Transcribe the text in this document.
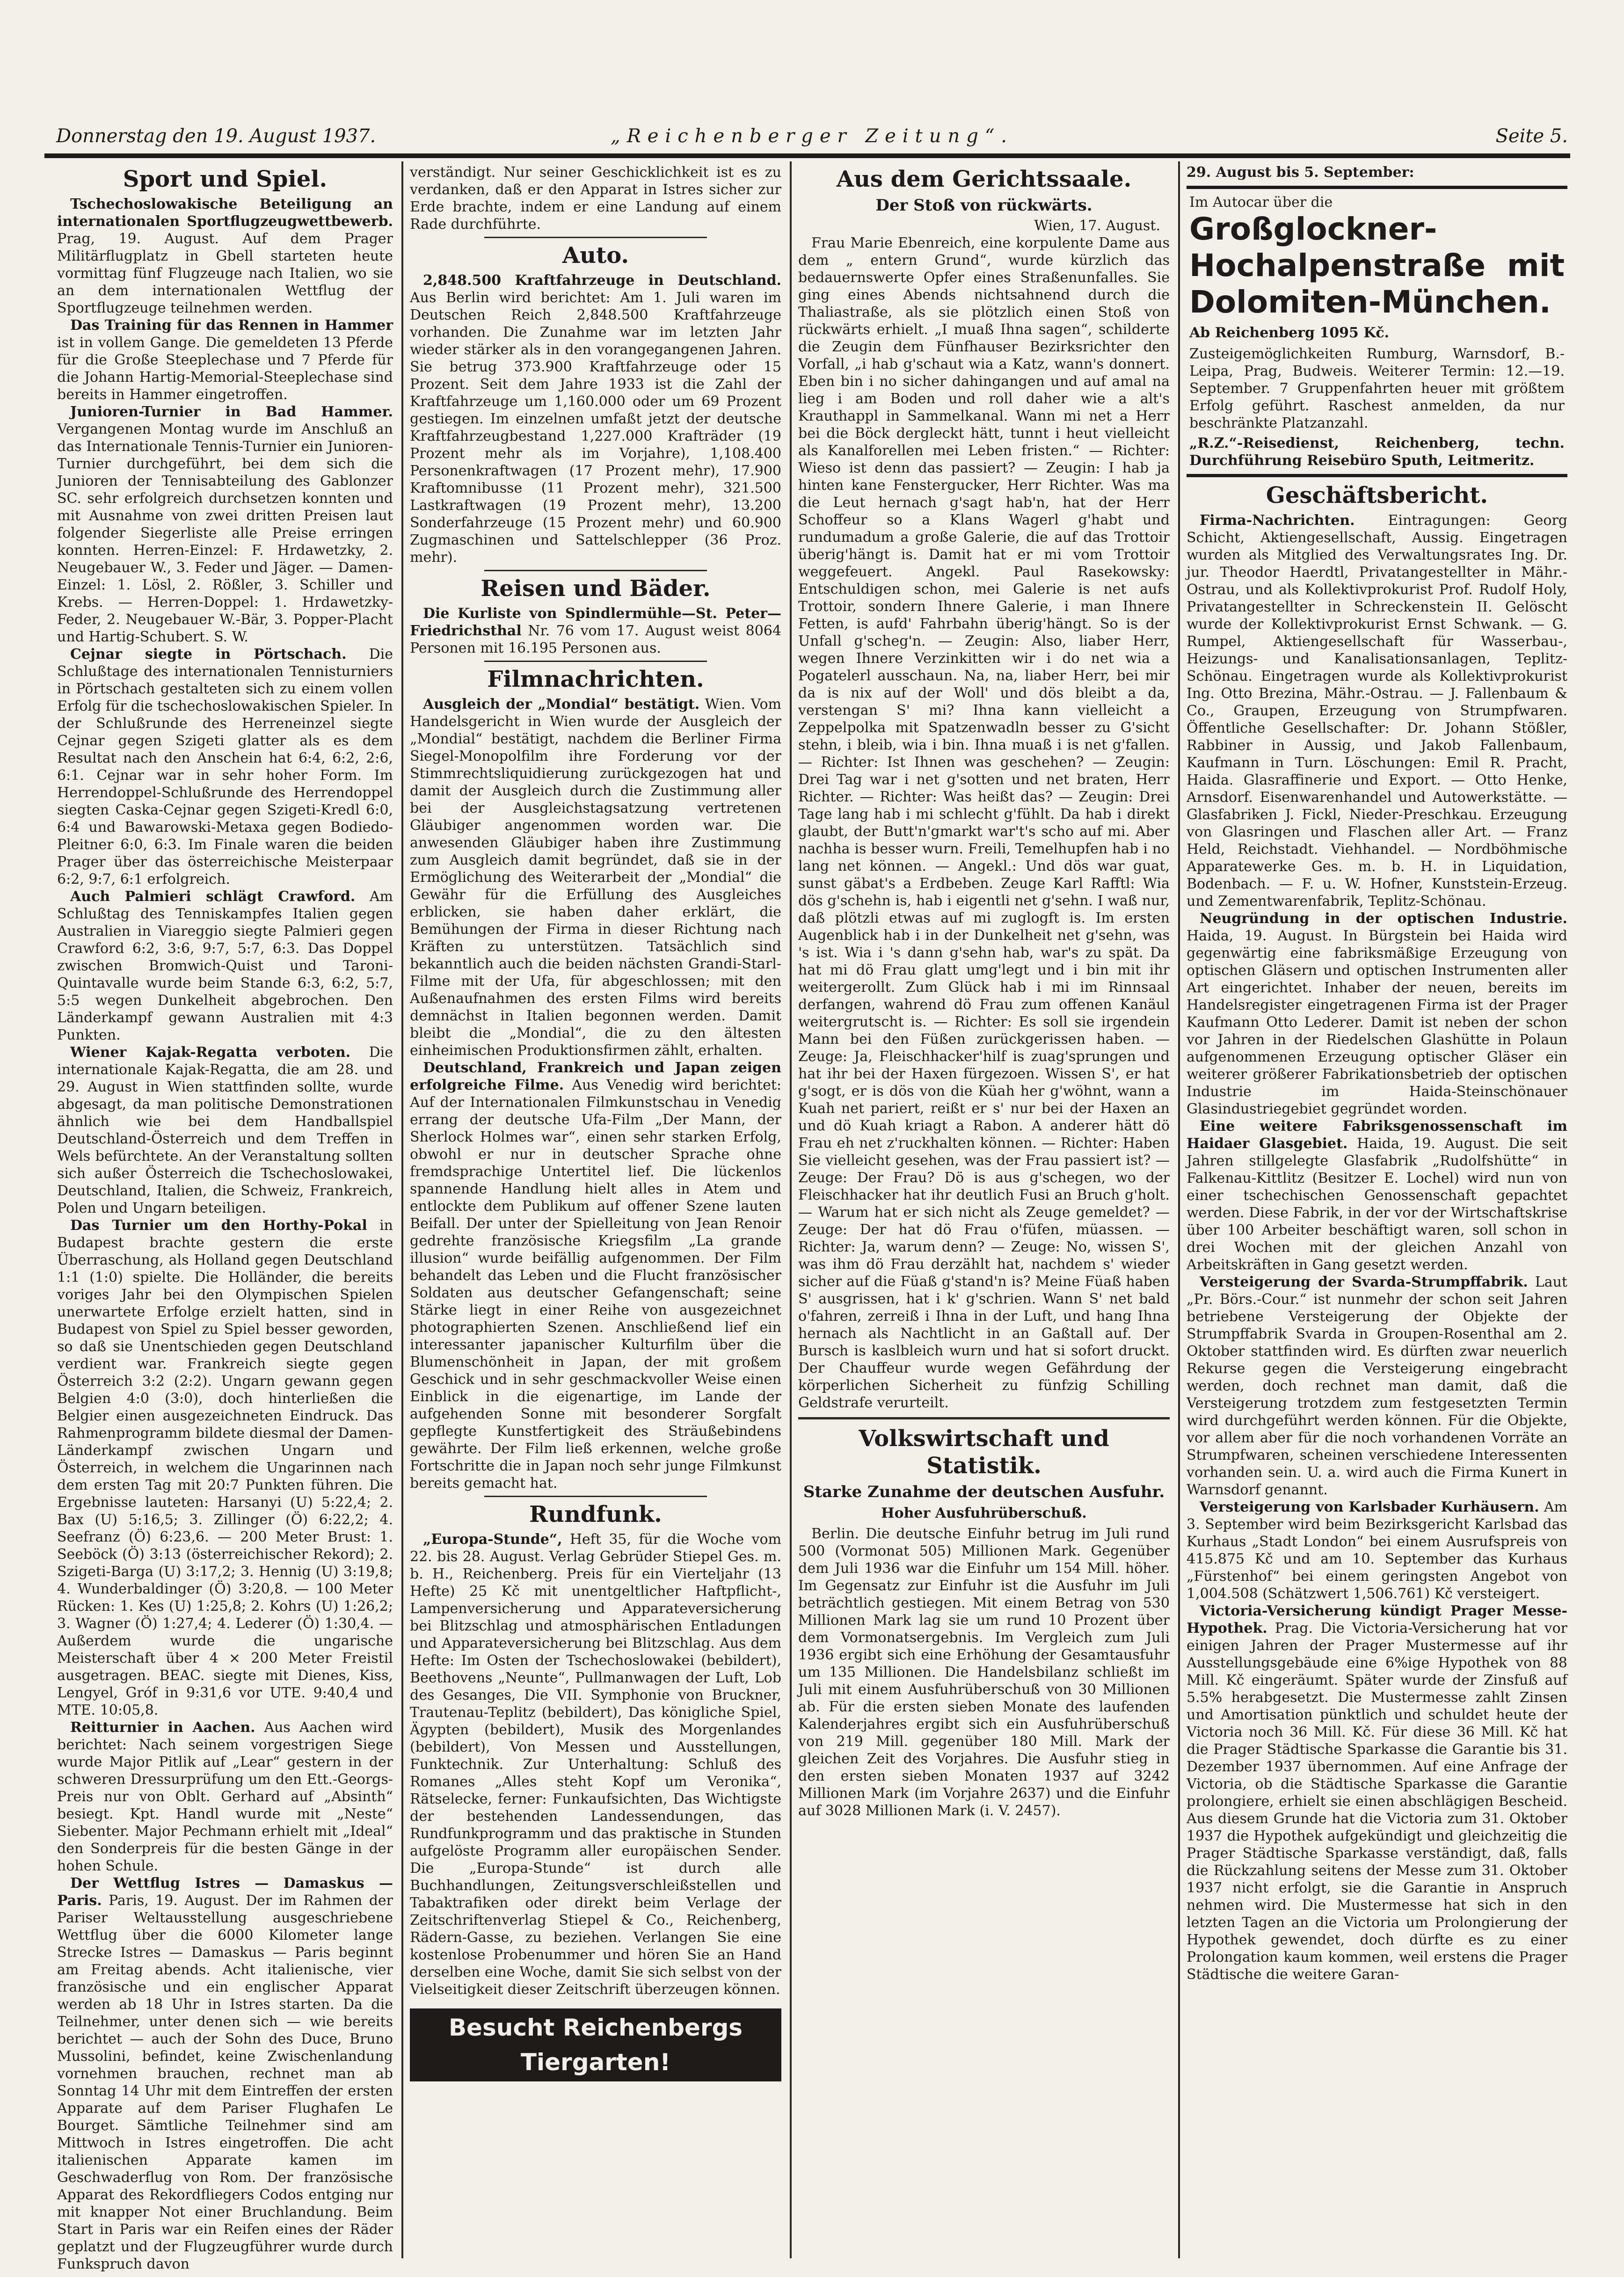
Donnerstag den 19. August 1937.	„Reichenberger Zeitung“.	Seite 5.
Sport und Spiel.

Tschechoslowakische Beteiligung an internationalen Sportflugzeugwettbewerb. Prag, 19. August. Auf dem Prager Militärflugplatz in Gbell starteten heute vormittag fünf Flugzeuge nach Italien, wo sie an dem internationalen Wettflug der Sportflugzeuge teilnehmen werden.

Das Training für das Rennen in Hammer ist in vollem Gange. Die gemeldeten 13 Pferde für die Große Steeplechase und 7 Pferde für die Johann Hartig-Memorial-Steeplechase sind bereits in Hammer eingetroffen.

Junioren-Turnier in Bad Hammer. Vergangenen Montag wurde im Anschluß an das Internationale Tennis-Turnier ein Junioren-Turnier durchgeführt, bei dem sich die Junioren der Tennisabteilung des Gablonzer SC. sehr erfolgreich durchsetzen konnten und mit Ausnahme von zwei dritten Preisen laut folgender Siegerliste alle Preise erringen konnten. Herren-Einzel: F. Hrdawetzky, 2. Neugebauer W., 3. Feder und Jäger. — Damen-Einzel: 1. Lösl, 2. Rößler, 3. Schiller und Krebs. — Herren-Doppel: 1. Hrdawetzky-Feder, 2. Neugebauer W.-Bär, 3. Popper-Placht und Hartig-Schubert. S. W.

Cejnar siegte in Pörtschach. Die Schlußtage des internationalen Tennisturniers in Pörtschach gestalteten sich zu einem vollen Erfolg für die tschechoslowakischen Spieler. In der Schlußrunde des Herreneinzel siegte Cejnar gegen Szigeti glatter als es dem Resultat nach den Anschein hat 6:4, 6:2, 2:6, 6:1. Cejnar war in sehr hoher Form. Im Herrendoppel-Schlußrunde des Herrendoppel siegten Caska-Cejnar gegen Szigeti-Kredl 6:0, 6:4 und Bawarowski-Metaxa gegen Bodiedo-Pleitner 6:0, 6:3. Im Finale waren die beiden Prager über das österreichische Meisterpaar 6:2, 9:7, 6:1 erfolgreich.

Auch Palmieri schlägt Crawford. Am Schlußtag des Tenniskampfes Italien gegen Australien in Viareggio siegte Palmieri gegen Crawford 6:2, 3:6, 9:7, 5:7, 6:3. Das Doppel zwischen Bromwich-Quist und Taroni-Quintavalle wurde beim Stande 6:3, 6:2, 5:7, 5:5 wegen Dunkelheit abgebrochen. Den Länderkampf gewann Australien mit 4:3 Punkten.

Wiener Kajak-Regatta verboten. Die internationale Kajak-Regatta, die am 28. und 29. August in Wien stattfinden sollte, wurde abgesagt, da man politische Demonstrationen ähnlich wie bei dem Handballspiel Deutschland-Österreich und dem Treffen in Wels befürchtete. An der Veranstaltung sollten sich außer Österreich die Tschechoslowakei, Deutschland, Italien, die Schweiz, Frankreich, Polen und Ungarn beteiligen.

Das Turnier um den Horthy-Pokal in Budapest brachte gestern die erste Überraschung, als Holland gegen Deutschland 1:1 (1:0) spielte. Die Holländer, die bereits voriges Jahr bei den Olympischen Spielen unerwartete Erfolge erzielt hatten, sind in Budapest von Spiel zu Spiel besser geworden, so daß sie Unentschieden gegen Deutschland verdient war. Frankreich siegte gegen Österreich 3:2 (2:2). Ungarn gewann gegen Belgien 4:0 (3:0), doch hinterließen die Belgier einen ausgezeichneten Eindruck. Das Rahmenprogramm bildete diesmal der Damen-Länderkampf zwischen Ungarn und Österreich, in welchem die Ungarinnen nach dem ersten Tag mit 20:7 Punkten führen. Die Ergebnisse lauteten: Harsanyi (U) 5:22,4; 2. Bax (U) 5:16,5; 3. Zillinger (Ö) 6:22,2; 4. Seefranz (Ö) 6:23,6. — 200 Meter Brust: 1. Seeböck (Ö) 3:13 (österreichischer Rekord); 2. Szigeti-Barga (U) 3:17,2; 3. Hennig (U) 3:19,8; 4. Wunderbaldinger (Ö) 3:20,8. — 100 Meter Rücken: 1. Kes (U) 1:25,8; 2. Kohrs (U) 1:26,2; 3. Wagner (Ö) 1:27,4; 4. Lederer (Ö) 1:30,4. — Außerdem wurde die ungarische Meisterschaft über 4 × 200 Meter Freistil ausgetragen. BEAC. siegte mit Dienes, Kiss, Lengyel, Gróf in 9:31,6 vor UTE. 9:40,4 und MTE. 10:05,8.

Reitturnier in Aachen. Aus Aachen wird berichtet: Nach seinem vorgestrigen Siege wurde Major Pitlik auf „Lear“ gestern in der schweren Dressurprüfung um den Ett.-Georgs-Preis nur von Oblt. Gerhard auf „Absinth“ besiegt. Kpt. Handl wurde mit „Neste“ Siebenter. Major Pechmann erhielt mit „Ideal“ den Sonderpreis für die besten Gänge in der hohen Schule.

Der Wettflug Istres — Damaskus — Paris. Paris, 19. August. Der im Rahmen der Pariser Weltausstellung ausgeschriebene Wettflug über die 6000 Kilometer lange Strecke Istres — Damaskus — Paris beginnt am Freitag abends. Acht italienische, vier französische und ein englischer Apparat werden ab 18 Uhr in Istres starten. Da die Teilnehmer, unter denen sich — wie bereits berichtet — auch der Sohn des Duce, Bruno Mussolini, befindet, keine Zwischenlandung vornehmen brauchen, rechnet man ab Sonntag 14 Uhr mit dem Eintreffen der ersten Apparate auf dem Pariser Flughafen Le Bourget. Sämtliche Teilnehmer sind am Mittwoch in Istres eingetroffen. Die acht italienischen Apparate kamen im Geschwaderflug von Rom. Der französische Apparat des Rekordfliegers Codos entging nur mit knapper Not einer Bruchlandung. Beim Start in Paris war ein Reifen eines der Räder geplatzt und der Flugzeugführer wurde durch Funkspruch davon

verständigt. Nur seiner Geschicklichkeit ist es zu verdanken, daß er den Apparat in Istres sicher zur Erde brachte, indem er eine Landung auf einem Rade durchführte.

Auto.

2,848.500 Kraftfahrzeuge in Deutschland. Aus Berlin wird berichtet: Am 1. Juli waren im Deutschen Reich 2,848.500 Kraftfahrzeuge vorhanden. Die Zunahme war im letzten Jahr wieder stärker als in den vorangegangenen Jahren. Sie betrug 373.900 Kraftfahrzeuge oder 15 Prozent. Seit dem Jahre 1933 ist die Zahl der Kraftfahrzeuge um 1,160.000 oder um 69 Prozent gestiegen. Im einzelnen umfaßt jetzt der deutsche Kraftfahrzeugbestand 1,227.000 Krafträder (19 Prozent mehr als im Vorjahre), 1,108.400 Personenkraftwagen (17 Prozent mehr), 17.900 Kraftomnibusse (11 Prozent mehr), 321.500 Lastkraftwagen (19 Prozent mehr), 13.200 Sonderfahrzeuge (15 Prozent mehr) und 60.900 Zugmaschinen und Sattelschlepper (36 Proz. mehr).

Reisen und Bäder.

Die Kurliste von Spindlermühle—St. Peter—Friedrichsthal Nr. 76 vom 17. August weist 8064 Personen mit 16.195 Personen aus.

Filmnachrichten.

Ausgleich der „Mondial“ bestätigt. Wien. Vom Handelsgericht in Wien wurde der Ausgleich der „Mondial“ bestätigt, nachdem die Berliner Firma Siegel-Monopolfilm ihre Forderung vor der Stimmrechtsliquidierung zurückgezogen hat und damit der Ausgleich durch die Zustimmung aller bei der Ausgleichstagsatzung vertretenen Gläubiger angenommen worden war. Die anwesenden Gläubiger haben ihre Zustimmung zum Ausgleich damit begründet, daß sie in der Ermöglichung des Weiterarbeit der „Mondial“ die Gewähr für die Erfüllung des Ausgleiches erblicken, sie haben daher erklärt, die Bemühungen der Firma in dieser Richtung nach Kräften zu unterstützen. Tatsächlich sind bekanntlich auch die beiden nächsten Grandi-Starl-Filme mit der Ufa, für abgeschlossen; mit den Außenaufnahmen des ersten Films wird bereits demnächst in Italien begonnen werden. Damit bleibt die „Mondial“, die zu den ältesten einheimischen Produktionsfirmen zählt, erhalten.

Deutschland, Frankreich und Japan zeigen erfolgreiche Filme. Aus Venedig wird berichtet: Auf der Internationalen Filmkunstschau in Venedig errang der deutsche Ufa-Film „Der Mann, der Sherlock Holmes war“, einen sehr starken Erfolg, obwohl er nur in deutscher Sprache ohne fremdsprachige Untertitel lief. Die lückenlos spannende Handlung hielt alles in Atem und entlockte dem Publikum auf offener Szene lauten Beifall. Der unter der Spielleitung von Jean Renoir gedrehte französische Kriegsfilm „La grande illusion“ wurde beifällig aufgenommen. Der Film behandelt das Leben und die Flucht französischer Soldaten aus deutscher Gefangenschaft; seine Stärke liegt in einer Reihe von ausgezeichnet photographierten Szenen. Anschließend lief ein interessanter japanischer Kulturfilm über die Blumenschönheit in Japan, der mit großem Geschick und in sehr geschmackvoller Weise einen Einblick in die eigenartige, im Lande der aufgehenden Sonne mit besonderer Sorgfalt gepflegte Kunstfertigkeit des Sträußebindens gewährte. Der Film ließ erkennen, welche große Fortschritte die in Japan noch sehr junge Filmkunst bereits gemacht hat.

Rundfunk.

„Europa-Stunde“, Heft 35, für die Woche vom 22. bis 28. August. Verlag Gebrüder Stiepel Ges. m. b. H., Reichenberg. Preis für ein Vierteljahr (13 Hefte) 25 Kč mit unentgeltlicher Haftpflicht-, Lampenversicherung und Apparateversicherung bei Blitzschlag und atmosphärischen Entladungen und Apparateversicherung bei Blitzschlag. Aus dem Hefte: Im Osten der Tschechoslowakei (bebildert), Beethovens „Neunte“, Pullmanwagen der Luft, Lob des Gesanges, Die VII. Symphonie von Bruckner, Trautenau-Teplitz (bebildert), Das königliche Spiel, Ägypten (bebildert), Musik des Morgenlandes (bebildert), Von Messen und Ausstellungen, Funktechnik. Zur Unterhaltung: Schluß des Romanes „Alles steht Kopf um Veronika“, Rätselecke, ferner: Funkaufsichten, Das Wichtigste der bestehenden Landessendungen, das Rundfunkprogramm und das praktische in Stunden aufgelöste Programm aller europäischen Sender. Die „Europa-Stunde“ ist durch alle Buchhandlungen, Zeitungsverschleißstellen und Tabaktrafiken oder direkt beim Verlage der Zeitschriftenverlag Stiepel & Co., Reichenberg, Rädern-Gasse, zu beziehen. Verlangen Sie eine kostenlose Probenummer und hören Sie an Hand derselben eine Woche, damit Sie sich selbst von der Vielseitigkeit dieser Zeitschrift überzeugen können.

Besucht Reichenbergs Tiergarten!
Aus dem Gerichtssaale.
Der Stoß von rückwärts.
Wien, 17. August.

Frau Marie Ebenreich, eine korpulente Dame aus dem „ entern Grund“, wurde kürzlich das bedauernswerte Opfer eines Straßenunfalles. Sie ging eines Abends nichtsahnend durch die Thaliastraße, als sie plötzlich einen Stoß von rückwärts erhielt. „I muaß Ihna sagen“, schilderte die Zeugin dem Fünfhauser Bezirksrichter den Vorfall, „i hab g'schaut wia a Katz, wann's donnert. Eben bin i no sicher dahingangen und auf amal na lieg i am Boden und roll daher wie a alt's Krauthappl in Sammelkanal. Wann mi net a Herr bei die Böck dergleckt hätt, tunnt i heut vielleicht als Kanalforellen mei Leben fristen.“ — Richter: Wieso ist denn das passiert? — Zeugin: I hab ja hinten kane Fenstergucker, Herr Richter. Was ma die Leut hernach g'sagt hab'n, hat der Herr Schoffeur so a Klans Wagerl g'habt und rundumadum a große Galerie, die auf das Trottoir überig'hängt is. Damit hat er mi vom Trottoir weggefeuert. Angekl. Paul Rasekowsky: Entschuldigen schon, mei Galerie is net aufs Trottoir, sondern Ihnere Galerie, i man Ihnere Fetten, is aufd' Fahrbahn überig'hängt. So is der Unfall g'scheg'n. — Zeugin: Also, liaber Herr, wegen Ihnere Verzinkitten wir i do net wia a Pogatelerl ausschaun. Na, na, liaber Herr, bei mir da is nix auf der Woll' und dös bleibt a da, verstengan S' mi? Ihna kann vielleicht a Zeppelpolka mit Spatzenwadln besser zu G'sicht stehn, i bleib, wia i bin. Ihna muaß i is net g'fallen. — Richter: Ist Ihnen was geschehen? — Zeugin: Drei Tag war i net g'sotten und net braten, Herr Richter. — Richter: Was heißt das? — Zeugin: Drei Tage lang hab i mi schlecht g'fühlt. Da hab i direkt glaubt, der Butt'n'gmarkt war't's scho auf mi. Aber nachha is besser wurn. Freili, Temelhupfen hab i no lang net können. — Angekl.: Und dös war guat, sunst gäbat's a Erdbeben. Zeuge Karl Rafftl: Wia dös g'schehn is, hab i eigentli net g'sehn. I waß nur, daß plötzli etwas auf mi zuglogft is. Im ersten Augenblick hab i in der Dunkelheit net g'sehn, was 's ist. Wia i 's dann g'sehn hab, war's zu spät. Da hat mi dö Frau glatt umg'legt und i bin mit ihr weitergerollt. Zum Glück hab i mi im Rinnsaal derfangen, wahrend dö Frau zum offenen Kanäul weitergrutscht is. — Richter: Es soll sie irgendein Mann bei den Füßen zurückgerissen haben. — Zeuge: Ja, Fleischhacker'hilf is zuag'sprungen und hat ihr bei der Haxen fürgezoen. Wissen S', er hat g'sogt, er is dös von die Küah her g'wöhnt, wann a Kuah net pariert, reißt er s' nur bei der Haxen an und dö Kuah kriagt a Rabon. A anderer hätt dö Frau eh net z'ruckhalten können. — Richter: Haben Sie vielleicht gesehen, was der Frau passiert ist? — Zeuge: Der Frau? Dö is aus g'schegen, wo der Fleischhacker hat ihr deutlich Fusi an Bruch g'holt. — Warum hat er sich nicht als Zeuge gemeldet? — Zeuge: Der hat dö Frau o'füfen, müassen. — Richter: Ja, warum denn? — Zeuge: No, wissen S', was ihm dö Frau derzählt hat, nachdem s' wieder sicher auf die Füaß g'stand'n is? Meine Füaß haben S' ausgrissen, hat i k' g'schrien. Wann S' net bald o'fahren, zerreiß i Ihna in der Luft, und hang Ihna hernach als Nachtlicht in an Gaßtall auf. Der Bursch is kaslbleich wurn und hat si sofort druckt. Der Chauffeur wurde wegen Gefährdung der körperlichen Sicherheit zu fünfzig Schilling Geldstrafe verurteilt.

Volkswirtschaft und Statistik.
Starke Zunahme der deutschen Ausfuhr.
Hoher Ausfuhrüberschuß.

Berlin. Die deutsche Einfuhr betrug im Juli rund 500 (Vormonat 505) Millionen Mark. Gegenüber dem Juli 1936 war die Einfuhr um 154 Mill. höher. Im Gegensatz zur Einfuhr ist die Ausfuhr im Juli beträchtlich gestiegen. Mit einem Betrag von 530 Millionen Mark lag sie um rund 10 Prozent über dem Vormonatsergebnis. Im Vergleich zum Juli 1936 ergibt sich eine Erhöhung der Gesamtausfuhr um 135 Millionen. Die Handelsbilanz schließt im Juli mit einem Ausfuhrüberschuß von 30 Millionen ab. Für die ersten sieben Monate des laufenden Kalenderjahres ergibt sich ein Ausfuhrüberschuß von 219 Mill. gegenüber 180 Mill. Mark der gleichen Zeit des Vorjahres. Die Ausfuhr stieg in den ersten sieben Monaten 1937 auf 3242 Millionen Mark (im Vorjahre 2637) und die Einfuhr auf 3028 Millionen Mark (i. V. 2457).

29. August bis 5. September:
Im Autocar über die
Großglockner-Hochalpenstraße mit Dolomiten-München.
Ab Reichenberg 1095 Kč.
Zusteigemöglichkeiten Rumburg, Warnsdorf, B.-Leipa, Prag, Budweis. Weiterer Termin: 12.—19. September. 7 Gruppenfahrten heuer mit größtem Erfolg geführt. Raschest anmelden, da nur beschränkte Platzanzahl.
„R.Z.“-Reisedienst, Reichenberg, techn. Durchführung Reisebüro Sputh, Leitmeritz.
Geschäftsbericht.

Firma-Nachrichten. Eintragungen: Georg Schicht, Aktiengesellschaft, Aussig. Eingetragen wurden als Mitglied des Verwaltungsrates Ing. Dr. jur. Theodor Haerdtl, Privatangestellter in Mähr.-Ostrau, und als Kollektivprokurist Prof. Rudolf Holy, Privatangestellter in Schreckenstein II. Gelöscht wurde der Kollektivprokurist Ernst Schwank. — G. Rumpel, Aktiengesellschaft für Wasserbau-, Heizungs- und Kanalisationsanlagen, Teplitz-Schönau. Eingetragen wurde als Kollektivprokurist Ing. Otto Brezina, Mähr.-Ostrau. — J. Fallenbaum & Co., Graupen, Erzeugung von Strumpfwaren. Öffentliche Gesellschafter: Dr. Johann Stößler, Rabbiner in Aussig, und Jakob Fallenbaum, Kaufmann in Turn. Löschungen: Emil R. Pracht, Haida. Glasraffinerie und Export. — Otto Henke, Arnsdorf. Eisenwarenhandel und Autowerkstätte. — Glasfabriken J. Fickl, Nieder-Preschkau. Erzeugung von Glasringen und Flaschen aller Art. — Franz Held, Reichstadt. Viehhandel. — Nordböhmische Apparatewerke Ges. m. b. H. in Liquidation, Bodenbach. — F. u. W. Hofner, Kunststein-Erzeug. und Zementwarenfabrik, Teplitz-Schönau.

Neugründung in der optischen Industrie. Haida, 19. August. In Bürgstein bei Haida wird gegenwärtig eine fabriksmäßige Erzeugung von optischen Gläsern und optischen Instrumenten aller Art eingerichtet. Inhaber der neuen, bereits im Handelsregister eingetragenen Firma ist der Prager Kaufmann Otto Lederer. Damit ist neben der schon vor Jahren in der Riedelschen Glashütte in Polaun aufgenommenen Erzeugung optischer Gläser ein weiterer größerer Fabrikationsbetrieb der optischen Industrie im Haida-Steinschönauer Glasindustriegebiet gegründet worden.

Eine weitere Fabriksgenossenschaft im Haidaer Glasgebiet. Haida, 19. August. Die seit Jahren stillgelegte Glasfabrik „Rudolfshütte“ in Falkenau-Kittlitz (Besitzer E. Lochel) wird nun von einer tschechischen Genossenschaft gepachtet werden. Diese Fabrik, in der vor der Wirtschaftskrise über 100 Arbeiter beschäftigt waren, soll schon in drei Wochen mit der gleichen Anzahl von Arbeitskräften in Gang gesetzt werden.

Versteigerung der Svarda-Strumpffabrik. Laut „Pr. Börs.-Cour.“ ist nunmehr der schon seit Jahren betriebene Versteigerung der Objekte der Strumpffabrik Svarda in Groupen-Rosenthal am 2. Oktober stattfinden wird. Es dürften zwar neuerlich Rekurse gegen die Versteigerung eingebracht werden, doch rechnet man damit, daß die Versteigerung trotzdem zum festgesetzten Termin wird durchgeführt werden können. Für die Objekte, vor allem aber für die noch vorhandenen Vorräte an Strumpfwaren, scheinen verschiedene Interessenten vorhanden sein. U. a. wird auch die Firma Kunert in Warnsdorf genannt.

Versteigerung von Karlsbader Kurhäusern. Am 3. September wird beim Bezirksgericht Karlsbad das Kurhaus „Stadt London“ bei einem Ausrufspreis von 415.875 Kč und am 10. September das Kurhaus „Fürstenhof“ bei einem geringsten Angebot von 1,004.508 (Schätzwert 1,506.761) Kč versteigert.

Victoria-Versicherung kündigt Prager Messe-Hypothek. Prag. Die Victoria-Versicherung hat vor einigen Jahren der Prager Mustermesse auf ihr Ausstellungsgebäude eine 6%ige Hypothek von 88 Mill. Kč eingeräumt. Später wurde der Zinsfuß auf 5.5% herabgesetzt. Die Mustermesse zahlt Zinsen und Amortisation pünktlich und schuldet heute der Victoria noch 36 Mill. Kč. Für diese 36 Mill. Kč hat die Prager Städtische Sparkasse die Garantie bis 31. Dezember 1937 übernommen. Auf eine Anfrage der Victoria, ob die Städtische Sparkasse die Garantie prolongiere, erhielt sie einen abschlägigen Bescheid. Aus diesem Grunde hat die Victoria zum 31. Oktober 1937 die Hypothek aufgekündigt und gleichzeitig die Prager Städtische Sparkasse verständigt, daß, falls die Rückzahlung seitens der Messe zum 31. Oktober 1937 nicht erfolgt, sie die Garantie in Anspruch nehmen wird. Die Mustermesse hat sich in den letzten Tagen an die Victoria um Prolongierung der Hypothek gewendet, doch dürfte es zu einer Prolongation kaum kommen, weil erstens die Prager Städtische die weitere Garan-
